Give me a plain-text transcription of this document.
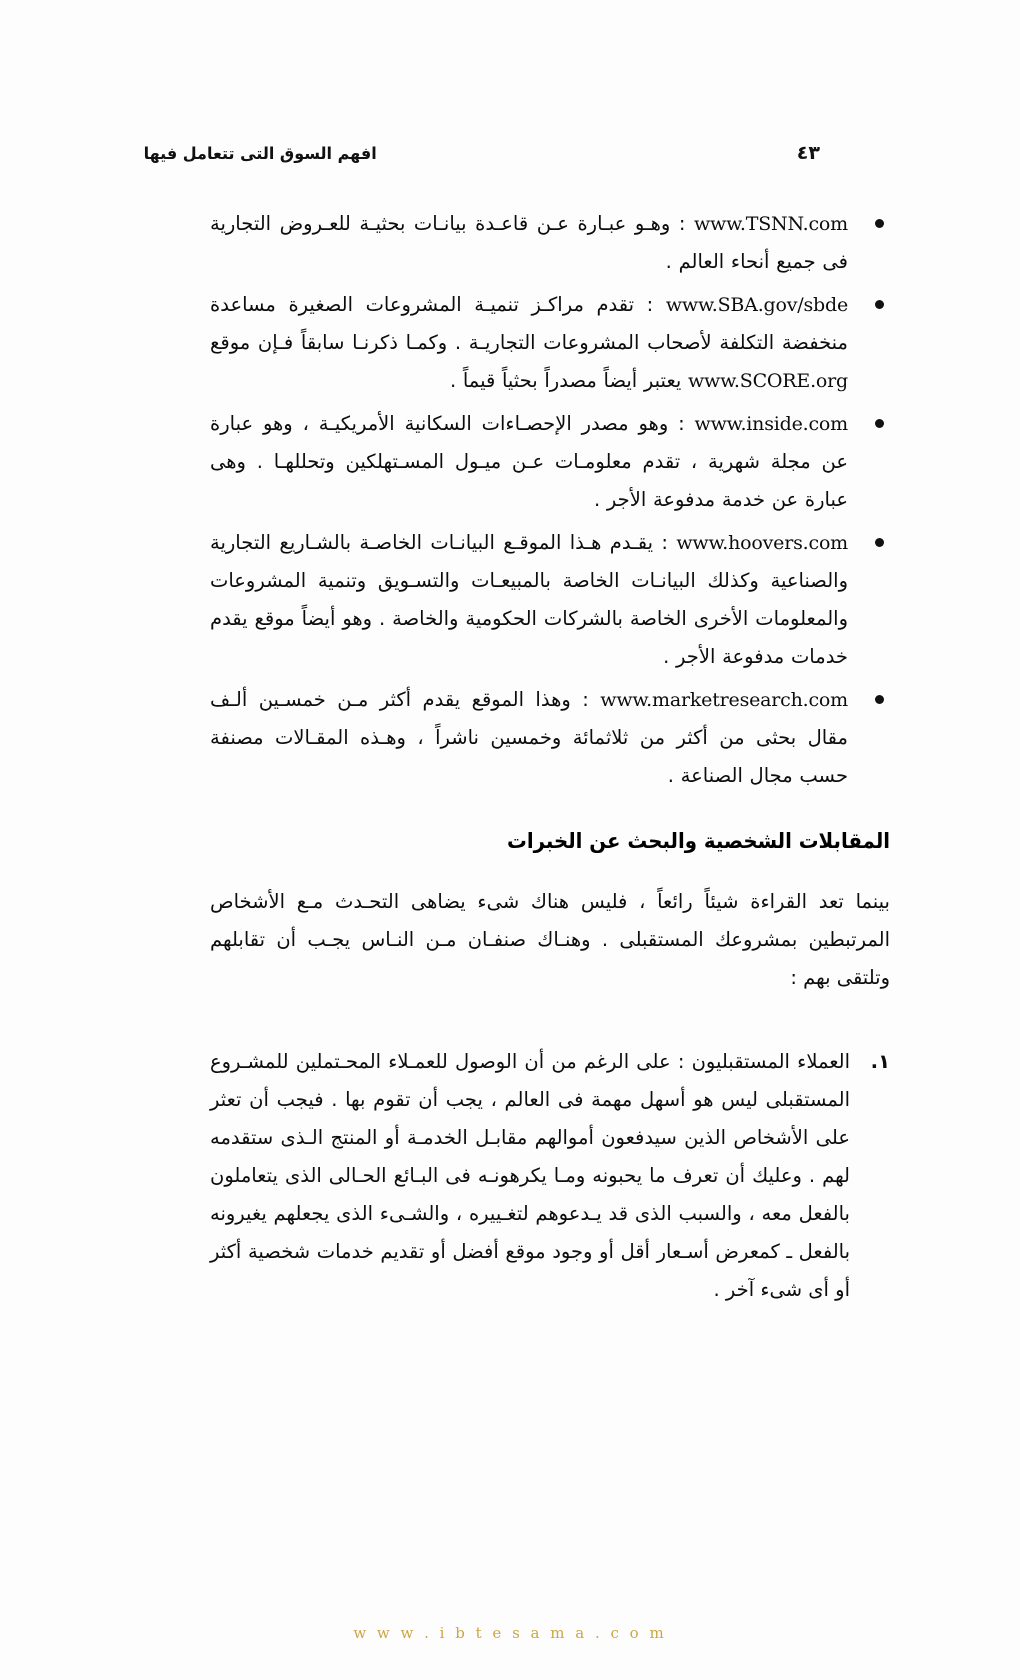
افهم السوق التى تتعامل فيها	٤٣
www.TSNN.com : وهـو عبـارة عـن قاعـدة بيانـات بحثيـة للعـروض التجارية فى جميع أنحاء العالم .
www.SBA.gov/sbde : تقدم مراكـز تنميـة المشروعات الصغيرة مساعدة منخفضة التكلفة لأصحاب المشروعات التجاريـة . وكمـا ذكرنـا سابقاً فـإن موقع www.SCORE.org يعتبر أيضاً مصدراً بحثياً قيماً .
www.inside.com : وهو مصدر الإحصـاءات السكانية الأمريكيـة ، وهو عبارة عن مجلة شهرية ، تقدم معلومـات عـن ميـول المسـتهلكين وتحللهـا . وهى عبارة عن خدمة مدفوعة الأجر .
www.hoovers.com : يقـدم هـذا الموقـع البيانـات الخاصـة بالشـاريع التجارية والصناعية وكذلك البيانـات الخاصة بالمبيعـات والتسـويق وتنمية المشروعات والمعلومات الأخرى الخاصة بالشركات الحكومية والخاصة . وهو أيضاً موقع يقدم خدمات مدفوعة الأجر .
www.marketresearch.com : وهذا الموقع يقدم أكثر مـن خمسـين ألـف مقال بحثى من أكثر من ثلاثمائة وخمسين ناشراً ، وهـذه المقـالات مصنفة حسب مجال الصناعة .
المقابلات الشخصية والبحث عن الخبرات

بينما تعد القراءة شيئاً رائعاً ، فليس هناك شىء يضاهى التحـدث مـع الأشخاص المرتبطين بمشروعك المستقبلى . وهنـاك صنفـان مـن النـاس يجـب أن تقابلهم وتلتقى بهم :

١.
العملاء المستقبليون : على الرغم من أن الوصول للعمـلاء المحـتملين للمشـروع المستقبلى ليس هو أسهل مهمة فى العالم ، يجب أن تقوم بها . فيجب أن تعثر على الأشخاص الذين سيدفعون أموالهم مقابـل الخدمـة أو المنتج الـذى ستقدمه لهم . وعليك أن تعرف ما يحبونه ومـا يكرهونـه فى البـائع الحـالى الذى يتعاملون بالفعل معه ، والسبب الذى قد يـدعوهم لتغـييره ، والشـىء الذى يجعلهم يغيرونه بالفعل ـ كمعرض أسـعار أقل أو وجود موقع أفضل أو تقديم خدمات شخصية أكثر أو أى شىء آخر .
w w w . i b t e s a m a . c o m
